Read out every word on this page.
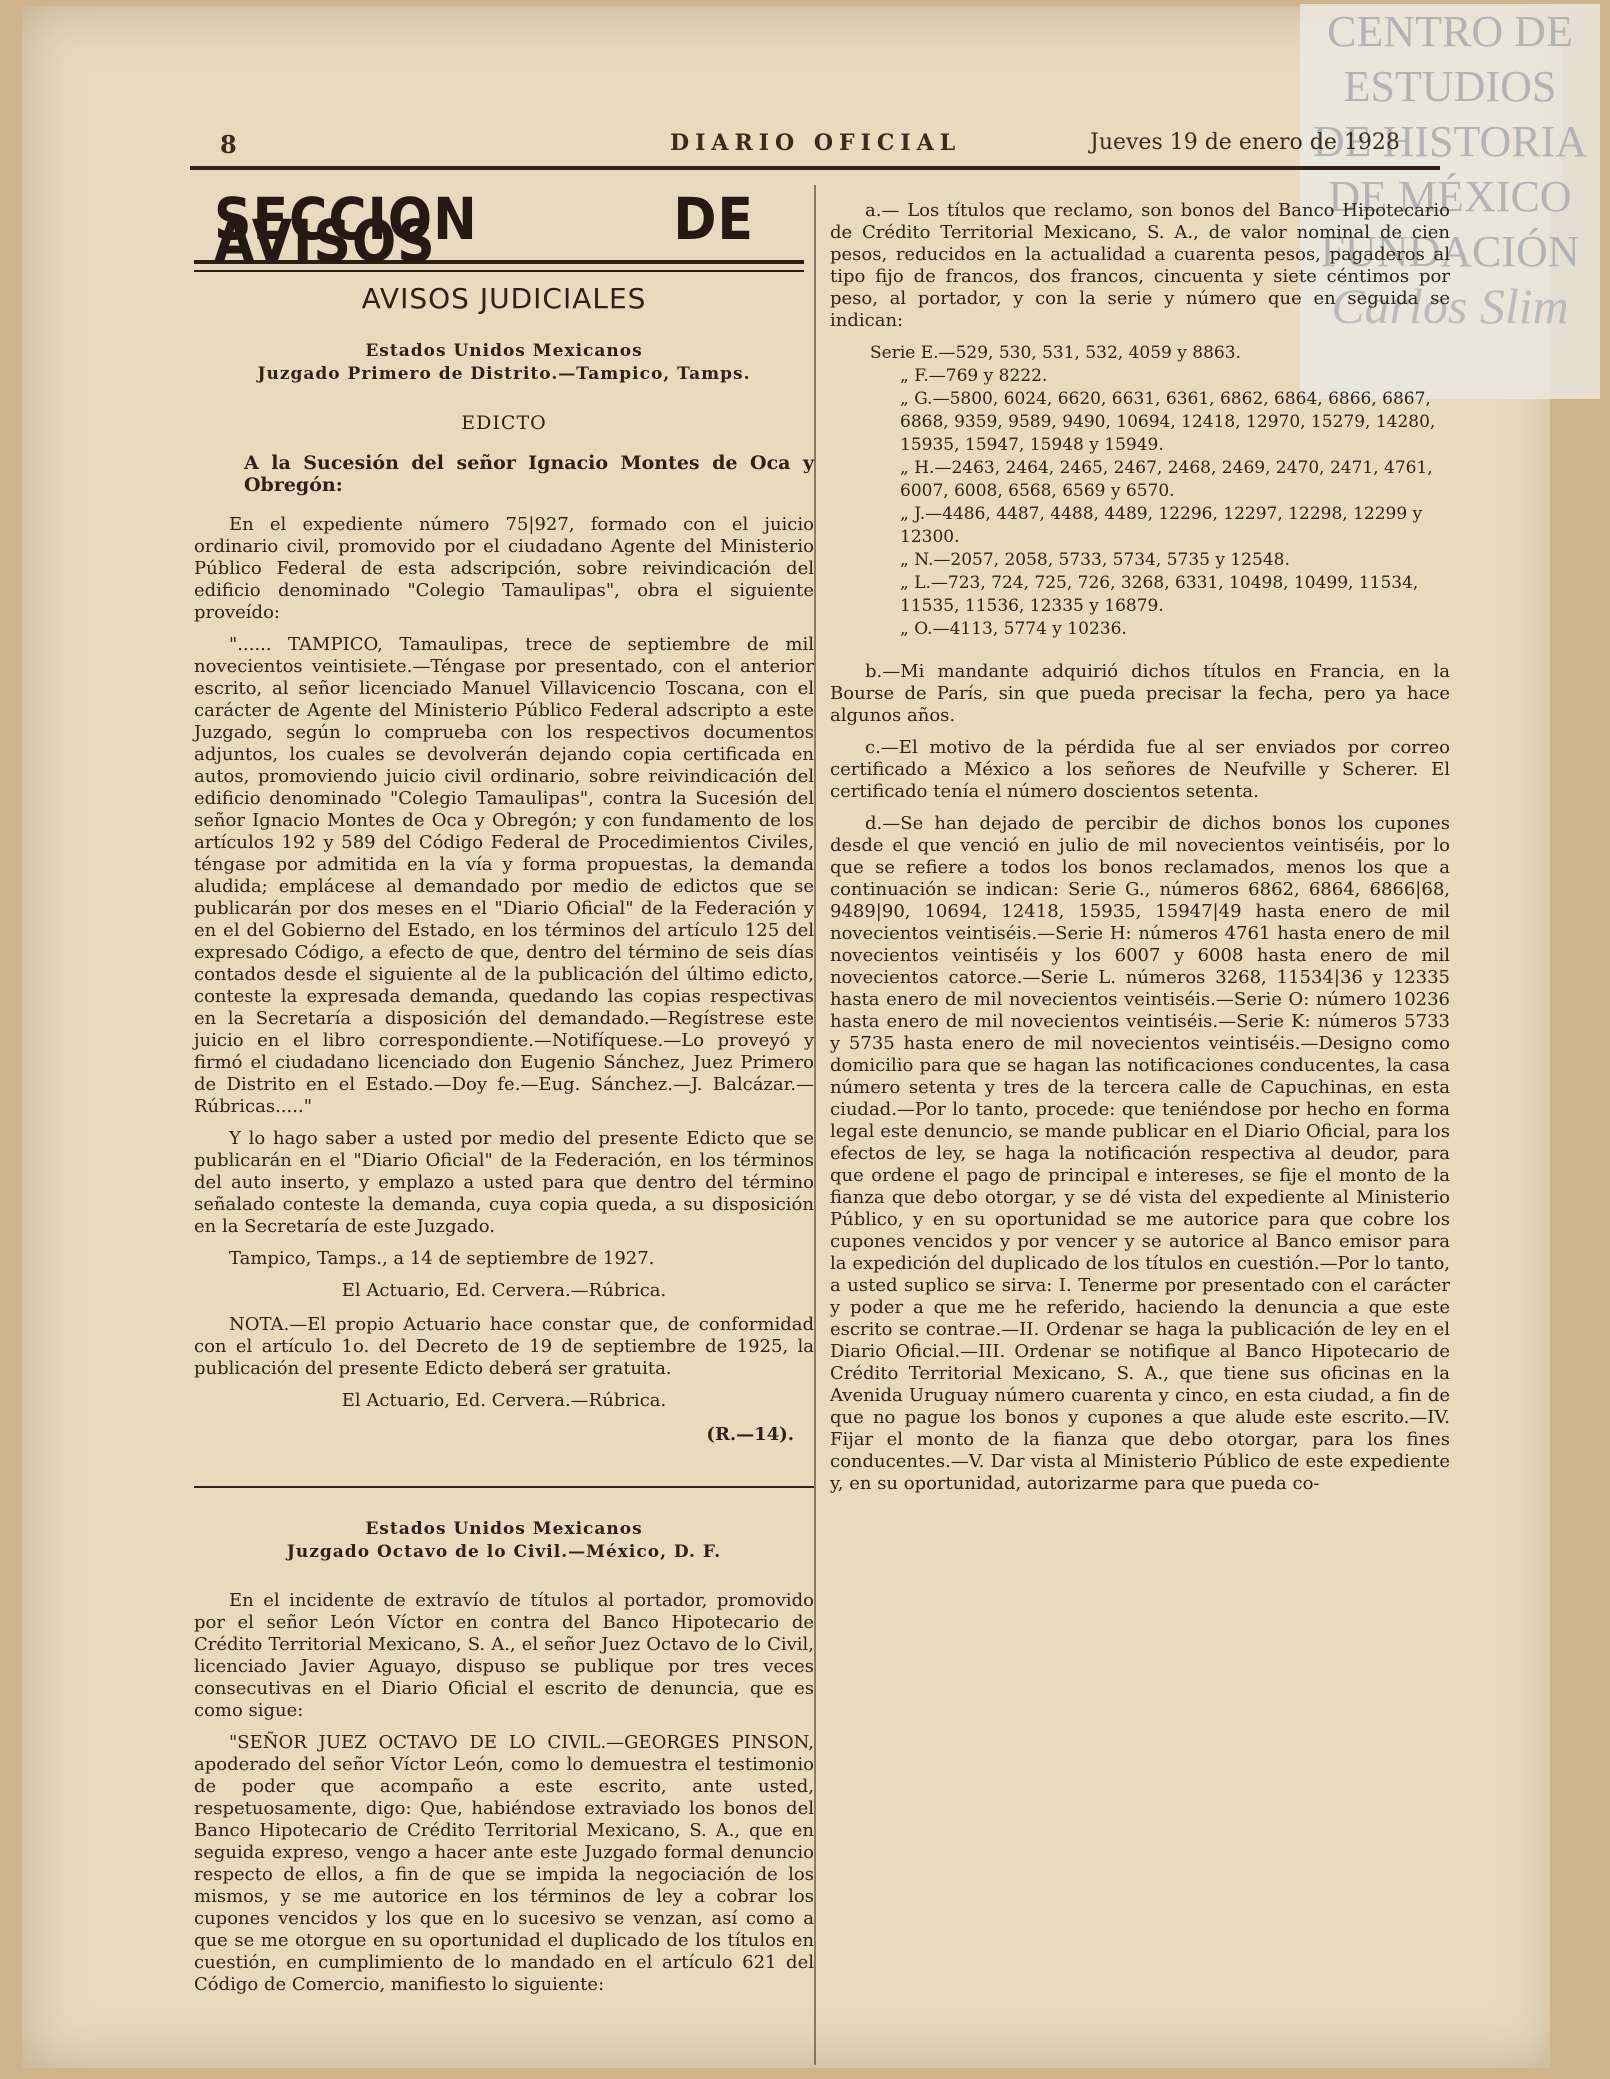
CENTRO DE
ESTUDIOS
DE HISTORIA
DE MÉXICO
FUNDACIÓN
Carlos Slim
8	DIARIO OFICIAL	Jueves 19 de enero de 1928
SECCION DE AVISOS
AVISOS JUDICIALES
Estados Unidos Mexicanos
Juzgado Primero de Distrito.—Tampico, Tamps.
EDICTO
A la Sucesión del señor Ignacio Montes de Oca y Obregón:

En el expediente número 75|927, formado con el juicio ordinario civil, promovido por el ciudadano Agente del Ministerio Público Federal de esta adscripción, sobre reivindicación del edificio denominado "Colegio Tamaulipas", obra el siguiente proveído:

"...... TAMPICO, Tamaulipas, trece de septiembre de mil novecientos veintisiete.—Téngase por presentado, con el anterior escrito, al señor licenciado Manuel Villavicencio Toscana, con el carácter de Agente del Ministerio Público Federal adscripto a este Juzgado, según lo comprueba con los respectivos documentos adjuntos, los cuales se devolverán dejando copia certificada en autos, promoviendo juicio civil ordinario, sobre reivindicación del edificio denominado "Colegio Tamaulipas", contra la Sucesión del señor Ignacio Montes de Oca y Obregón; y con fundamento de los artículos 192 y 589 del Código Federal de Procedimientos Civiles, téngase por admitida en la vía y forma propuestas, la demanda aludida; emplácese al demandado por medio de edictos que se publicarán por dos meses en el "Diario Oficial" de la Federación y en el del Gobierno del Estado, en los términos del artículo 125 del expresado Código, a efecto de que, dentro del término de seis días contados desde el siguiente al de la publicación del último edicto, conteste la expresada demanda, quedando las copias respectivas en la Secretaría a disposición del demandado.—Regístrese este juicio en el libro correspondiente.—Notifíquese.—Lo proveyó y firmó el ciudadano licenciado don Eugenio Sánchez, Juez Primero de Distrito en el Estado.—Doy fe.—Eug. Sánchez.—J. Balcázar.—Rúbricas....."

Y lo hago saber a usted por medio del presente Edicto que se publicarán en el "Diario Oficial" de la Federación, en los términos del auto inserto, y emplazo a usted para que dentro del término señalado conteste la demanda, cuya copia queda, a su disposición en la Secretaría de este Juzgado.

Tampico, Tamps., a 14 de septiembre de 1927.

El Actuario, Ed. Cervera.—Rúbrica.

NOTA.—El propio Actuario hace constar que, de conformidad con el artículo 1o. del Decreto de 19 de septiembre de 1925, la publicación del presente Edicto deberá ser gratuita.

El Actuario, Ed. Cervera.—Rúbrica.
(R.—14).
Estados Unidos Mexicanos
Juzgado Octavo de lo Civil.—México, D. F.

En el incidente de extravío de títulos al portador, promovido por el señor León Víctor en contra del Banco Hipotecario de Crédito Territorial Mexicano, S. A., el señor Juez Octavo de lo Civil, licenciado Javier Aguayo, dispuso se publique por tres veces consecutivas en el Diario Oficial el escrito de denuncia, que es como sigue:

"SEÑOR JUEZ OCTAVO DE LO CIVIL.—GEORGES PINSON, apoderado del señor Víctor León, como lo demuestra el testimonio de poder que acompaño a este escrito, ante usted, respetuosamente, digo: Que, habiéndose extraviado los bonos del Banco Hipotecario de Crédito Territorial Mexicano, S. A., que en seguida expreso, vengo a hacer ante este Juzgado formal denuncio respecto de ellos, a fin de que se impida la negociación de los mismos, y se me autorice en los términos de ley a cobrar los cupones vencidos y los que en lo sucesivo se venzan, así como a que se me otorgue en su oportunidad el duplicado de los títulos en cuestión, en cumplimiento de lo mandado en el artículo 621 del Código de Comercio, manifiesto lo siguiente:

a.— Los títulos que reclamo, son bonos del Banco Hipotecario de Crédito Territorial Mexicano, S. A., de valor nominal de cien pesos, reducidos en la actualidad a cuarenta pesos, pagaderos al tipo fijo de francos, dos francos, cincuenta y siete céntimos por peso, al portador, y con la serie y número que en seguida se indican:

Serie E.—529, 530, 531, 532, 4059 y 8863.
„ F.—769 y 8222.
„ G.—5800, 6024, 6620, 6631, 6361, 6862, 6864, 6866, 6867, 6868, 9359, 9589, 9490, 10694, 12418, 12970, 15279, 14280, 15935, 15947, 15948 y 15949.
„ H.—2463, 2464, 2465, 2467, 2468, 2469, 2470, 2471, 4761, 6007, 6008, 6568, 6569 y 6570.
„ J.—4486, 4487, 4488, 4489, 12296, 12297, 12298, 12299 y 12300.
„ N.—2057, 2058, 5733, 5734, 5735 y 12548.
„ L.—723, 724, 725, 726, 3268, 6331, 10498, 10499, 11534, 11535, 11536, 12335 y 16879.
„ O.—4113, 5774 y 10236.

b.—Mi mandante adquirió dichos títulos en Francia, en la Bourse de París, sin que pueda precisar la fecha, pero ya hace algunos años.

c.—El motivo de la pérdida fue al ser enviados por correo certificado a México a los señores de Neufville y Scherer. El certificado tenía el número doscientos setenta.

d.—Se han dejado de percibir de dichos bonos los cupones desde el que venció en julio de mil novecientos veintiséis, por lo que se refiere a todos los bonos reclamados, menos los que a continuación se indican: Serie G., números 6862, 6864, 6866|68, 9489|90, 10694, 12418, 15935, 15947|49 hasta enero de mil novecientos veintiséis.—Serie H: números 4761 hasta enero de mil novecientos veintiséis y los 6007 y 6008 hasta enero de mil novecientos catorce.—Serie L. números 3268, 11534|36 y 12335 hasta enero de mil novecientos veintiséis.—Serie O: número 10236 hasta enero de mil novecientos veintiséis.—Serie K: números 5733 y 5735 hasta enero de mil novecientos veintiséis.—Designo como domicilio para que se hagan las notificaciones conducentes, la casa número setenta y tres de la tercera calle de Capuchinas, en esta ciudad.—Por lo tanto, procede: que teniéndose por hecho en forma legal este denuncio, se mande publicar en el Diario Oficial, para los efectos de ley, se haga la notificación respectiva al deudor, para que ordene el pago de principal e intereses, se fije el monto de la fianza que debo otorgar, y se dé vista del expediente al Ministerio Público, y en su oportunidad se me autorice para que cobre los cupones vencidos y por vencer y se autorice al Banco emisor para la expedición del duplicado de los títulos en cuestión.—Por lo tanto, a usted suplico se sirva: I. Tenerme por presentado con el carácter y poder a que me he referido, haciendo la denuncia a que este escrito se contrae.—II. Ordenar se haga la publicación de ley en el Diario Oficial.—III. Ordenar se notifique al Banco Hipotecario de Crédito Territorial Mexicano, S. A., que tiene sus oficinas en la Avenida Uruguay número cuarenta y cinco, en esta ciudad, a fin de que no pague los bonos y cupones a que alude este escrito.—IV. Fijar el monto de la fianza que debo otorgar, para los fines conducentes.—V. Dar vista al Ministerio Público de este expediente y, en su oportunidad, autorizarme para que pueda co-
